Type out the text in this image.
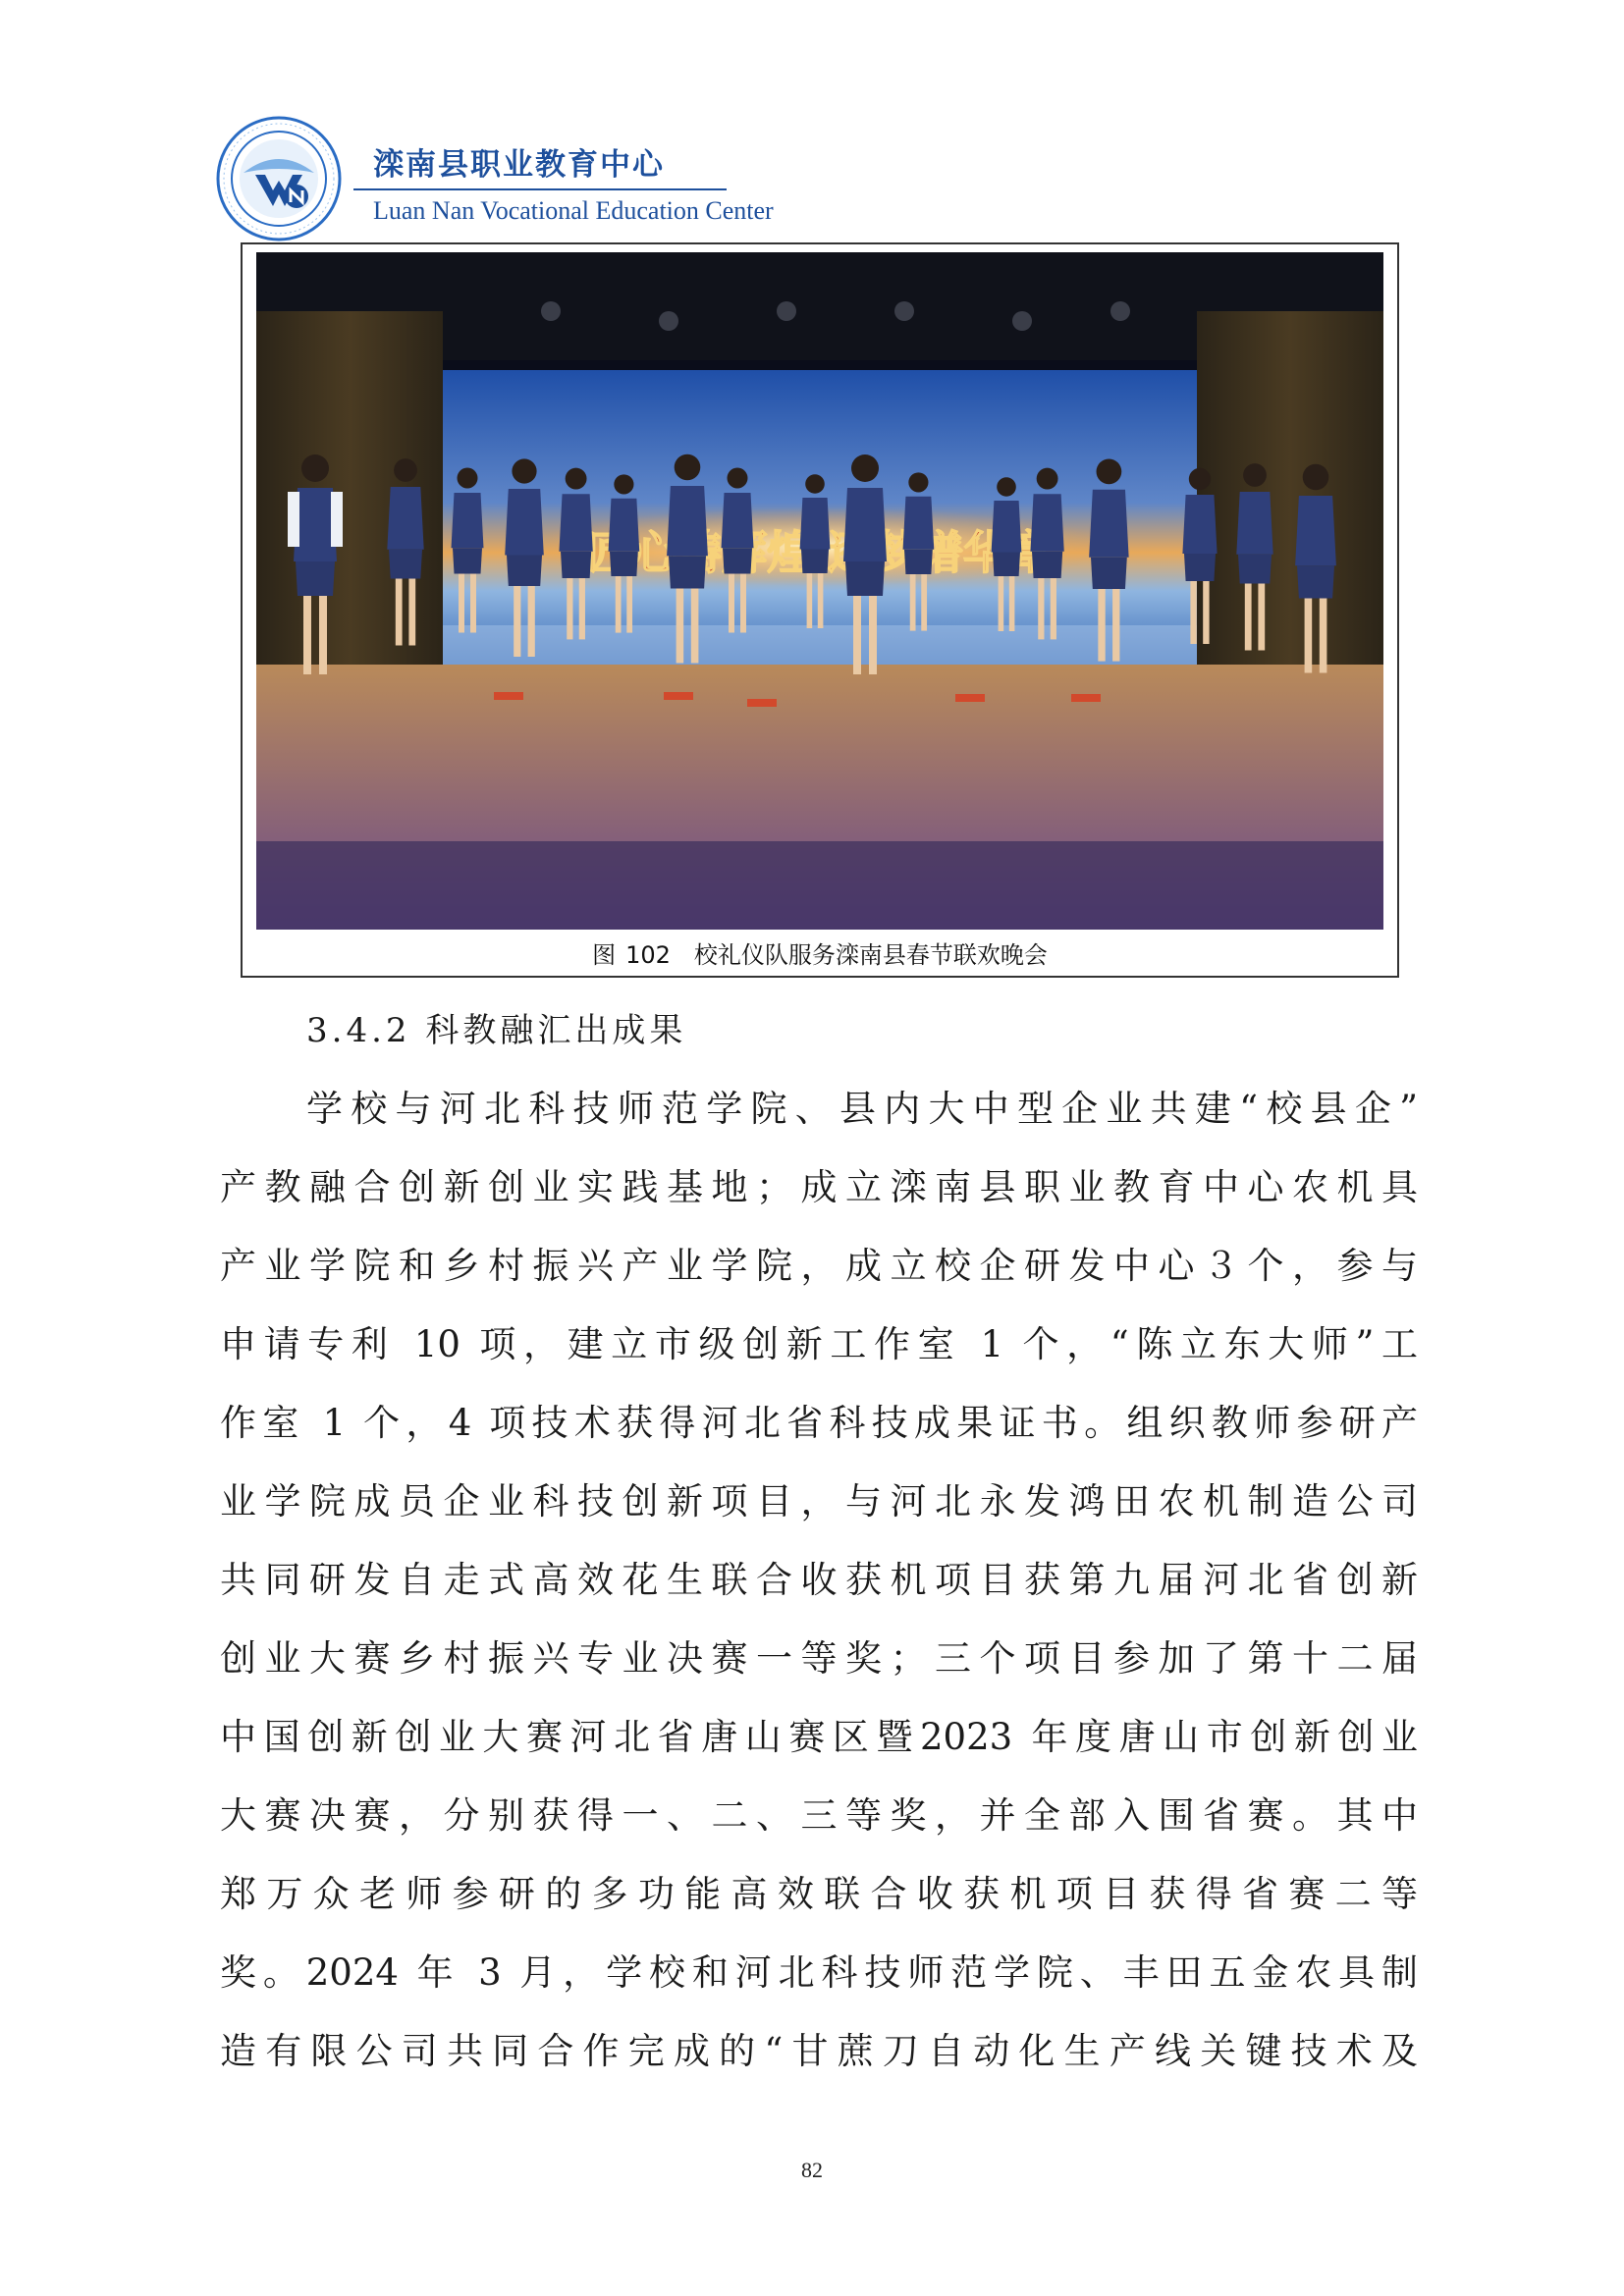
滦南县职业教育中心
Luan Nan Vocational Education Center
逐梦谱华章
图 102 校礼仪队服务滦南县春节联欢晚会
3.4.2 科教融汇出成果
学校与河北科技师范学院、县内大中型企业共建“校县企”
产教融合创新创业实践基地；成立滦南县职业教育中心农机具
产业学院和乡村振兴产业学院，成立校企研发中心３个，参与
申请专利 10 项，建立市级创新工作室 1 个，“陈立东大师”工
作室 1 个，4 项技术获得河北省科技成果证书。组织教师参研产
业学院成员企业科技创新项目，与河北永发鸿田农机制造公司
共同研发自走式高效花生联合收获机项目获第九届河北省创新
创业大赛乡村振兴专业决赛一等奖；三个项目参加了第十二届
中国创新创业大赛河北省唐山赛区暨2023 年度唐山市创新创业
大赛决赛，分别获得一、二、三等奖，并全部入围省赛。其中
郑万众老师参研的多功能高效联合收获机项目获得省赛二等
奖。2024 年 3 月，学校和河北科技师范学院、丰田五金农具制
造有限公司共同合作完成的“甘蔗刀自动化生产线关键技术及
82
